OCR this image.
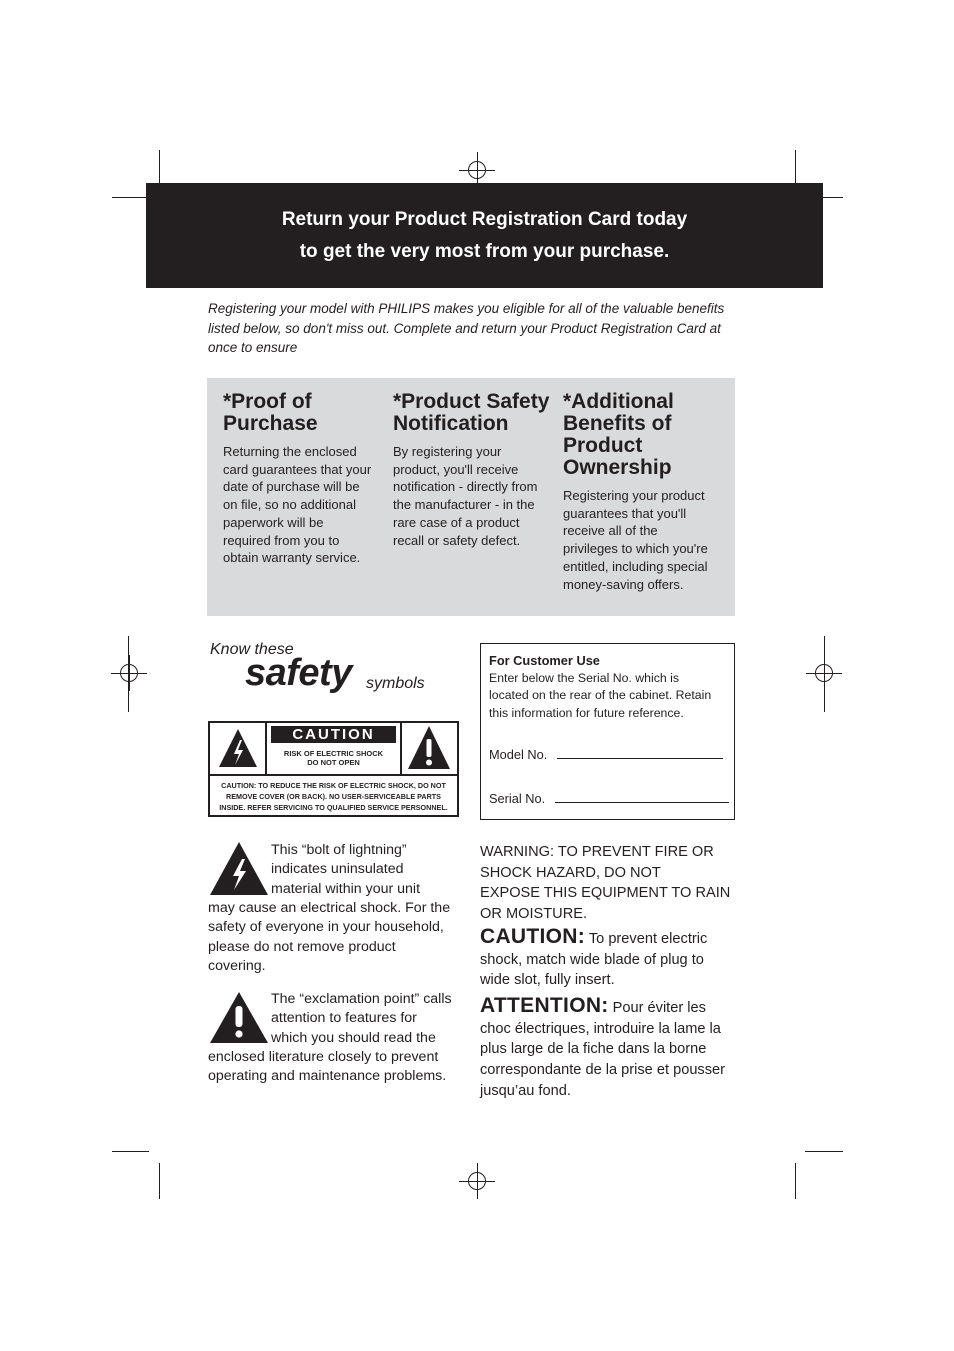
Return your Product Registration Card today
to get the very most from your purchase.
Registering your model with PHILIPS makes you eligible for all of the valuable benefits listed below, so don't miss out. Complete and return your Product Registration Card at once to ensure
*Proof of
Purchase

Returning the enclosed
card guarantees that your
date of purchase will be
on file, so no additional
paperwork will be
required from you to
obtain warranty service.

*Product Safety
Notification

By registering your
product, you'll receive
notification - directly from
the manufacturer - in the
rare case of a product
recall or safety defect.

*Additional
Benefits of
Product
Ownership

Registering your product
guarantees that you'll
receive all of the
privileges to which you're
entitled, including special
money-saving offers.

Know these
safety symbols
CAUTION
RISK OF ELECTRIC SHOCK
DO NOT OPEN
CAUTION: TO REDUCE THE RISK OF ELECTRIC SHOCK, DO NOT
REMOVE COVER (OR BACK). NO USER-SERVICEABLE PARTS
INSIDE. REFER SERVICING TO QUALIFIED SERVICE PERSONNEL.
This “bolt of lightning”
indicates uninsulated
material within your unit
may cause an electrical shock. For the
safety of everyone in your household,
please do not remove product
covering.
The “exclamation point” calls
attention to features for
which you should read the
enclosed literature closely to prevent
operating and maintenance problems.
For Customer Use
Enter below the Serial No. which is
located on the rear of the cabinet. Retain
this information for future reference.
Model No.
Serial No.
WARNING: TO PREVENT FIRE OR
SHOCK HAZARD, DO NOT
EXPOSE THIS EQUIPMENT TO RAIN
OR MOISTURE.
CAUTION: To prevent electric
shock, match wide blade of plug to
wide slot, fully insert.
ATTENTION: Pour éviter les
choc électriques, introduire la lame la
plus large de la fiche dans la borne
correspondante de la prise et pousser
jusqu’au fond.
